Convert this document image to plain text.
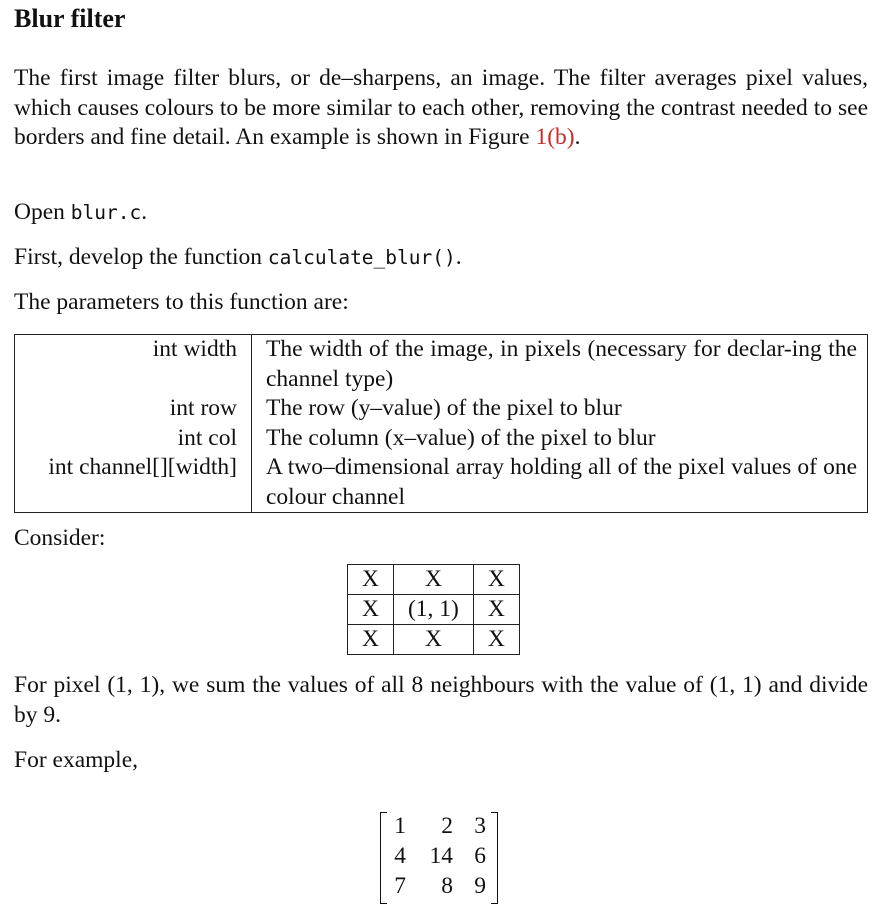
Blur filter

The first image filter blurs, or de–sharpens, an image. The filter averages pixel values, which causes colours to be more similar to each other, removing the contrast needed to see borders and fine detail. An example is shown in Figure 1(b).

Open blur.c.

First, develop the function calculate_blur().

The parameters to this function are:

int width	The width of the image, in pixels (necessary for declar-ing the channel type)
int row	The row (y–value) of the pixel to blur
int col	The column (x–value) of the pixel to blur
int channel[][width]	A two–dimensional array holding all of the pixel values of one colour channel

Consider:

X	X	X
X	(1, 1)	X
X	X	X

For pixel (1, 1), we sum the values of all 8 neighbours with the value of (1, 1) and divide by 9.

For example,

1	2 3
4	14 6
7	8 9
